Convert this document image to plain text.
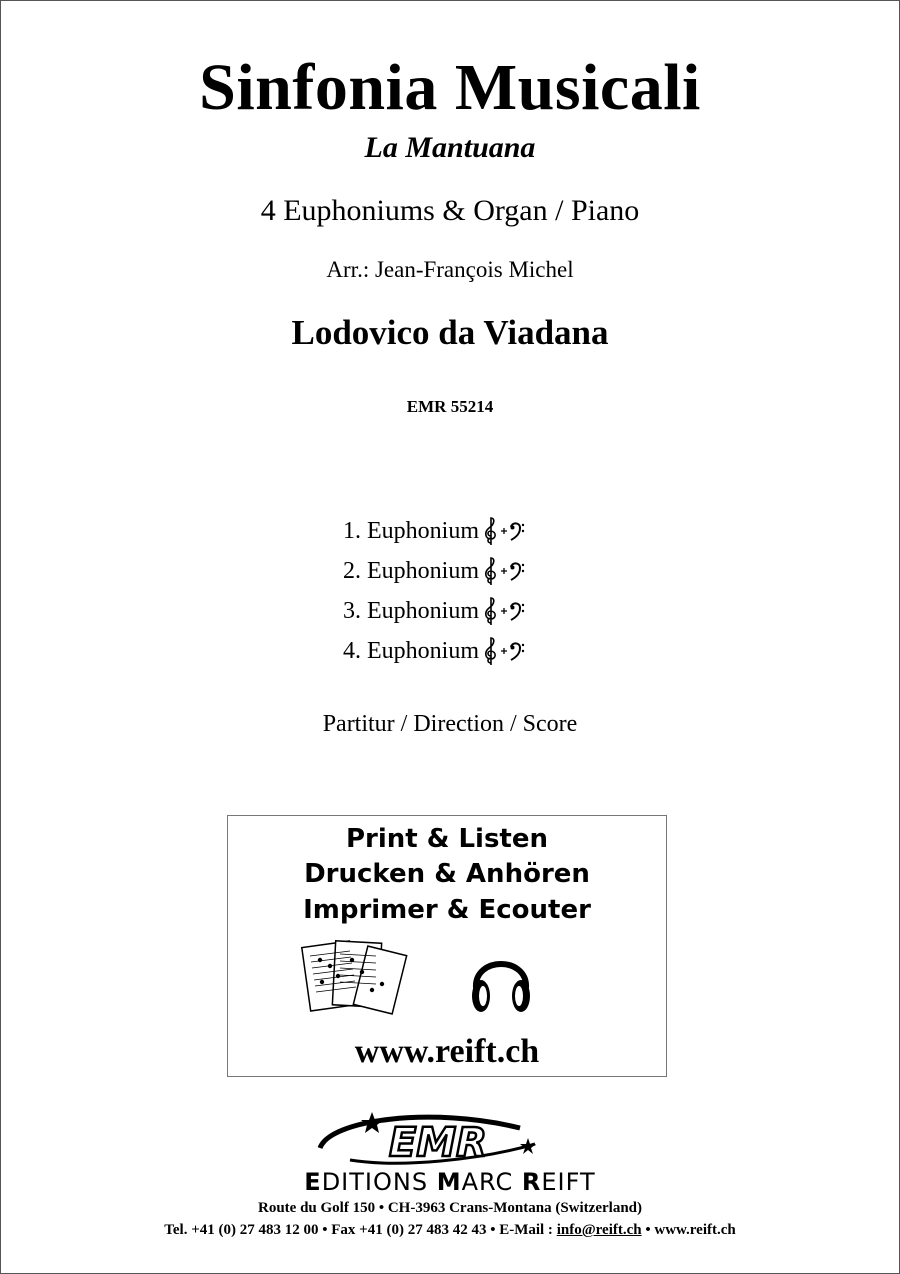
Sinfonia Musicali
La Mantuana
4 Euphoniums & Organ / Piano
Arr.: Jean-François Michel
Lodovico da Viadana
EMR 55214
1. Euphonium
2. Euphonium
3. Euphonium
4. Euphonium
Partitur / Direction / Score
Print & Listen
Drucken & Anhören
Imprimer & Ecouter
www.reift.ch
EMR
EDITIONS MARC REIFT
Route du Golf 150 • CH-3963 Crans-Montana (Switzerland)
Tel. +41 (0) 27 483 12 00 • Fax +41 (0) 27 483 42 43 • E-Mail : info@reift.ch • www.reift.ch
